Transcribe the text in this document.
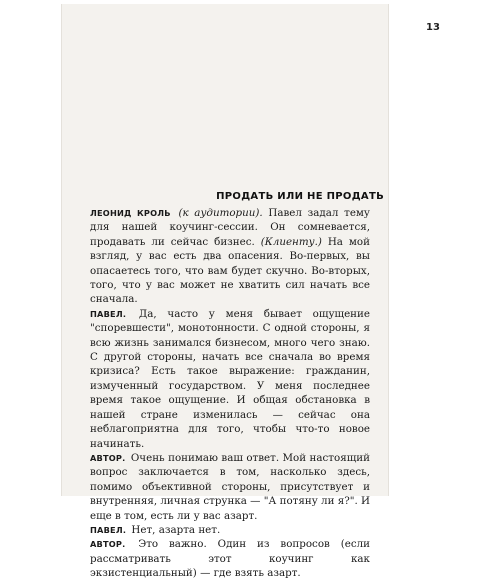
13
ПРОДАТЬ ИЛИ НЕ ПРОДАТЬ

ЛЕОНИД КРОЛЬ (к аудитории). Павел задал тему для нашей коучинг-сессии. Он сомневается, продавать ли сейчас бизнес. (Клиенту.) На мой взгляд, у вас есть два опасения. Во-первых, вы опасаетесь того, что вам будет скучно. Во-вторых, того, что у вас может не хватить сил начать все сначала.

ПАВЕЛ. Да, часто у меня бывает ощущение "споревшести", монотонности. С одной стороны, я всю жизнь занимался бизнесом, много чего знаю. С другой стороны, начать все сначала во время кризиса? Есть такое выражение: гражданин, измученный государством. У меня последнее время такое ощущение. И общая обстановка в нашей стране изменилась — сейчас она неблагоприятна для того, чтобы что-то новое начинать.

АВТОР. Очень понимаю ваш ответ. Мой настоящий вопрос заключается в том, насколько здесь, помимо объективной стороны, присутствует и внутренняя, личная струнка — "А потяну ли я?". И еще в том, есть ли у вас азарт.

ПАВЕЛ. Нет, азарта нет.

АВТОР. Это важно. Один из вопросов (если рассматривать этот коучинг как экзистенциальный) — где взять азарт.
